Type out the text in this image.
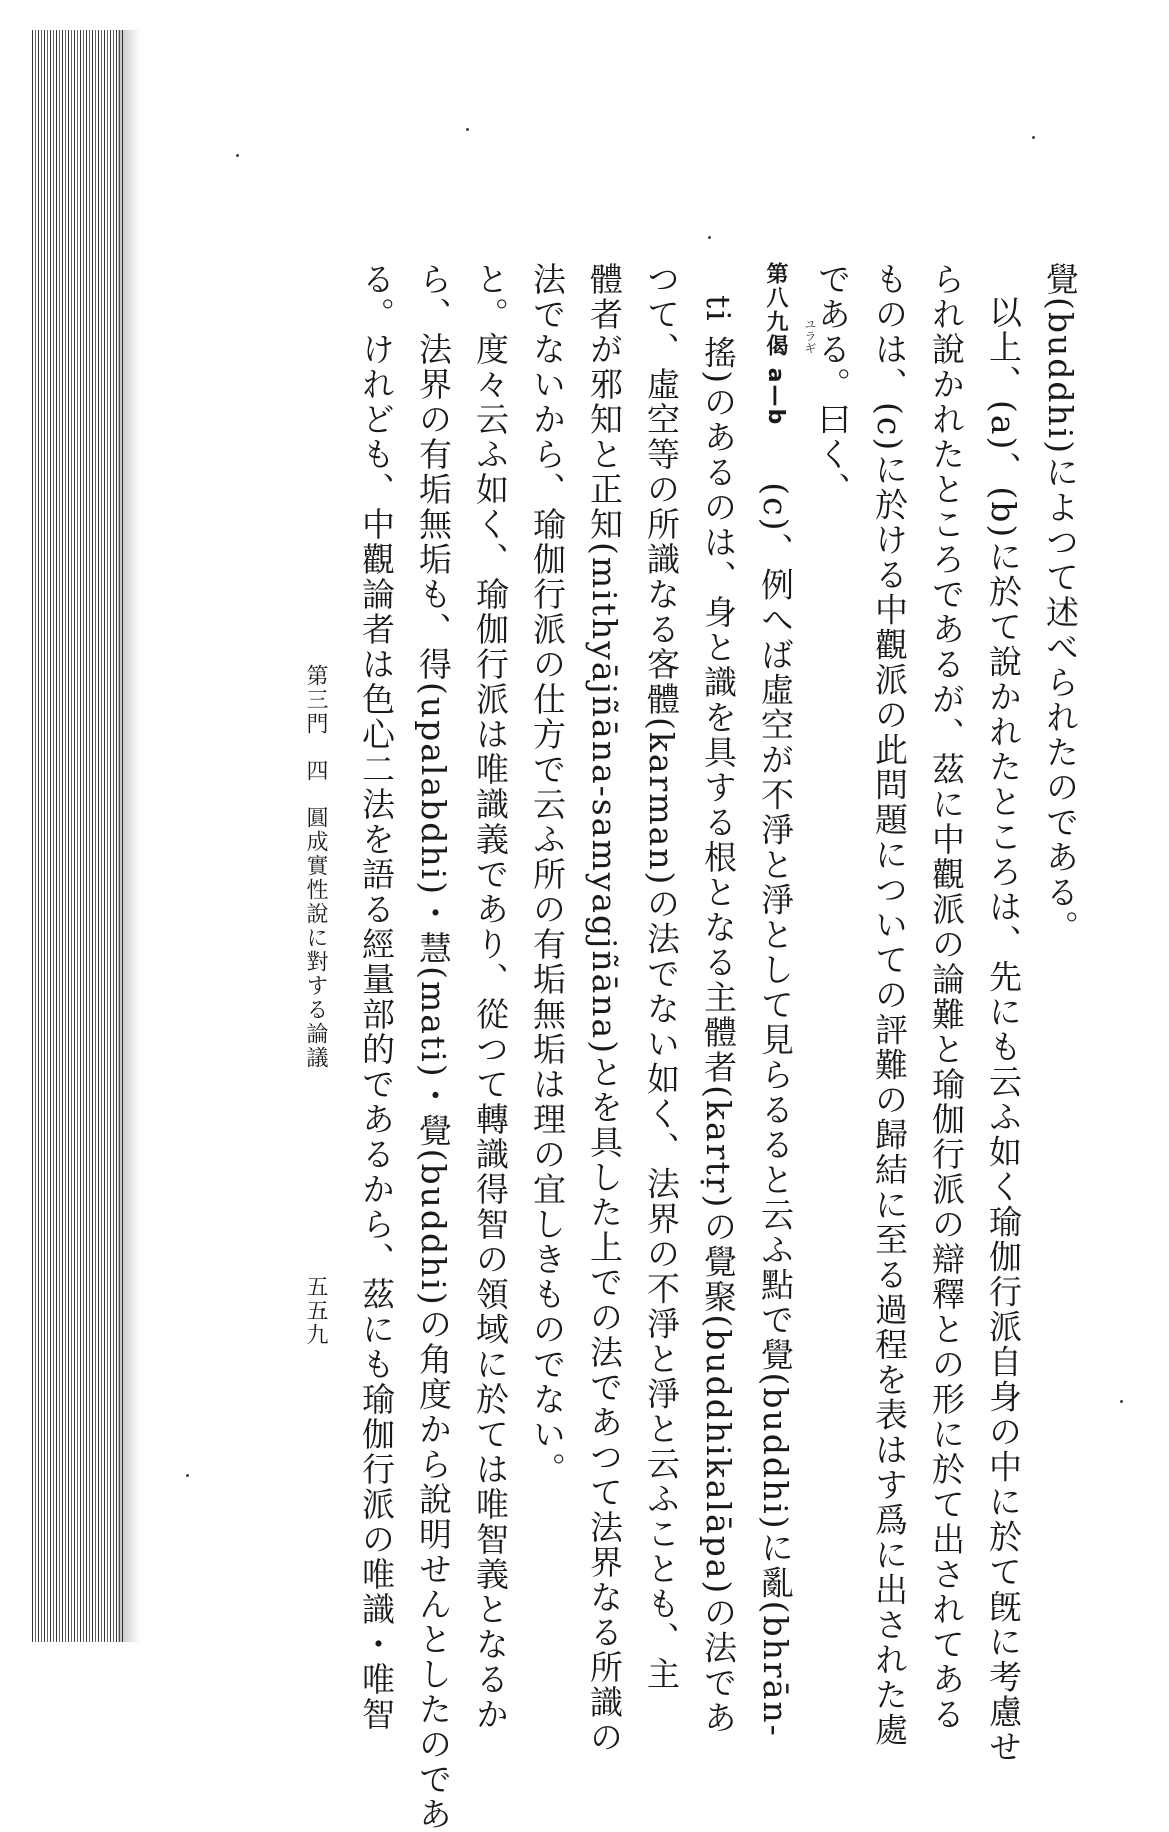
覺(buddhi)によつて述べられたのである。
以上、(a)、(b)に於て說かれたところは、先にも云ふ如く瑜伽行派自身の中に於て旣に考慮せ
られ說かれたところであるが、茲に中觀派の論難と瑜伽行派の辯釋との形に於て出されてある
ものは、(c)に於ける中觀派の此問題についての評難の歸結に至る過程を表はす爲に出された處
である。曰く、
第八九偈 a—b(c)、例へば虛空が不淨と淨として見らるると云ふ點で覺(buddhi)に亂(bhrān-
ti 搖)のあるのは、身と識を具する根となる主體者(kartṛ)の覺聚(buddhikalāpa)の法であ
つて、虛空等の所識なる客體(karman)の法でない如く、法界の不淨と淨と云ふことも、主
體者が邪知と正知(mithyājñāna-samyagjñāna)とを具した上での法であつて法界なる所識の
法でないから、瑜伽行派の仕方で云ふ所の有垢無垢は理の宜しきものでない。
と。度々云ふ如く、瑜伽行派は唯識義であり、從つて轉識得智の領域に於ては唯智義となるか
ら、法界の有垢無垢も、得(upalabdhi)・慧(mati)・覺(buddhi)の角度から說明せんとしたのであ
る。けれども、中觀論者は色心二法を語る經量部的であるから、茲にも瑜伽行派の唯識・唯智	ユラギ
第三門 四 圓成實性說に對する論議
五五九
